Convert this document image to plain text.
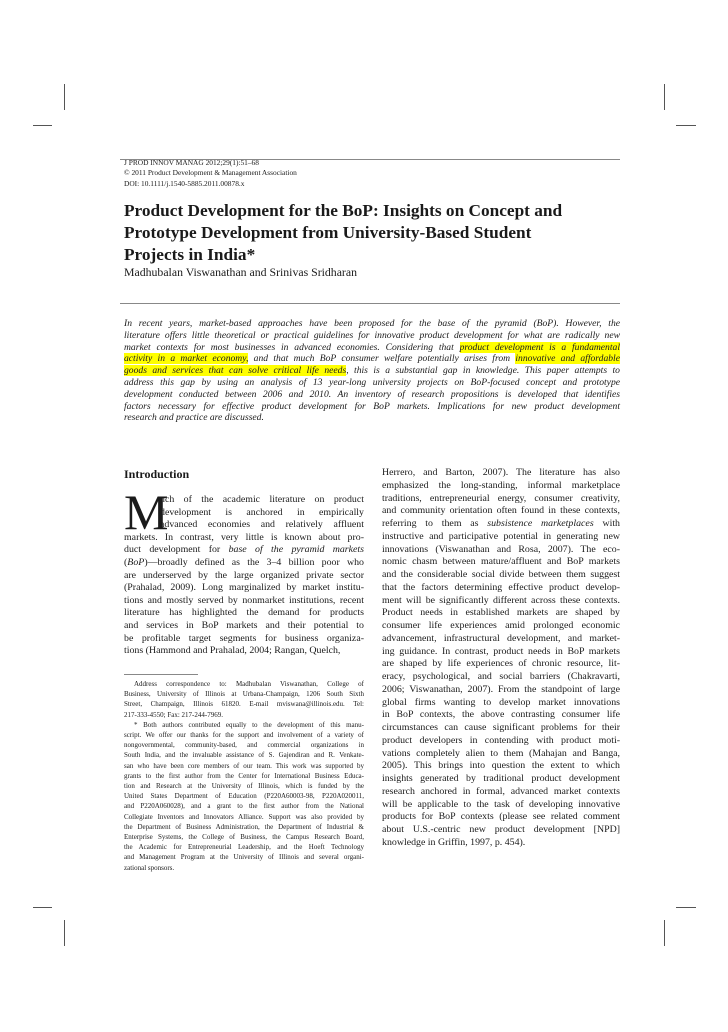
J PROD INNOV MANAG 2012;29(1):51–68
© 2011 Product Development & Management Association
DOI: 10.1111/j.1540-5885.2011.00878.x
Product Development for the BoP: Insights on Concept and
Prototype Development from University-Based Student
Projects in India*
Madhubalan Viswanathan and Srinivas Sridharan
In recent years, market-based approaches have been proposed for the base of the pyramid (BoP). However, the
literature offers little theoretical or practical guidelines for innovative product development for what are radically new
market contexts for most businesses in advanced economies. Considering that product development is a fundamental
activity in a market economy, and that much BoP consumer welfare potentially arises from innovative and affordable
goods and services that can solve critical life needs, this is a substantial gap in knowledge. This paper attempts to
address this gap by using an analysis of 13 year-long university projects on BoP-focused concept and prototype
development conducted between 2006 and 2010. An inventory of research propositions is developed that identifies
factors necessary for effective product development for BoP markets. Implications for new product development
research and practice are discussed.
Introduction
M
uch of the academic literature on product
development is anchored in empirically
advanced economies and relatively affluent
markets. In contrast, very little is known about pro-
duct development for base of the pyramid markets
(BoP)—broadly defined as the 3–4 billion poor who
are underserved by the large organized private sector
(Prahalad, 2009). Long marginalized by market institu-
tions and mostly served by nonmarket institutions, recent
literature has highlighted the demand for products
and services in BoP markets and their potential to
be profitable target segments for business organiza-
tions (Hammond and Prahalad, 2004; Rangan, Quelch,
Address correspondence to: Madhubalan Viswanathan, College of
Business, University of Illinois at Urbana-Champaign, 1206 South Sixth
Street, Champaign, Illinois 61820. E-mail mviswana@illinois.edu. Tel:
217-333-4550; Fax: 217-244-7969.
* Both authors contributed equally to the development of this manu-
script. We offer our thanks for the support and involvement of a variety of
nongovernmental, community-based, and commercial organizations in
South India, and the invaluable assistance of S. Gajendiran and R. Venkate-
san who have been core members of our team. This work was supported by
grants to the first author from the Center for International Business Educa-
tion and Research at the University of Illinois, which is funded by the
United States Department of Education (P220A60003-98, P220A020011,
and P220A060028), and a grant to the first author from the National
Collegiate Inventors and Innovators Alliance. Support was also provided by
the Department of Business Administration, the Department of Industrial &
Enterprise Systems, the College of Business, the Campus Research Board,
the Academic for Entrepreneurial Leadership, and the Hoeft Technology
and Management Program at the University of Illinois and several organi-
zational sponsors.
Herrero, and Barton, 2007). The literature has also
emphasized the long-standing, informal marketplace
traditions, entrepreneurial energy, consumer creativity,
and community orientation often found in these contexts,
referring to them as subsistence marketplaces with
instructive and participative potential in generating new
innovations (Viswanathan and Rosa, 2007). The eco-
nomic chasm between mature/affluent and BoP markets
and the considerable social divide between them suggest
that the factors determining effective product develop-
ment will be significantly different across these contexts.
Product needs in established markets are shaped by
consumer life experiences amid prolonged economic
advancement, infrastructural development, and market-
ing guidance. In contrast, product needs in BoP markets
are shaped by life experiences of chronic resource, lit-
eracy, psychological, and social barriers (Chakravarti,
2006; Viswanathan, 2007). From the standpoint of large
global firms wanting to develop market innovations
in BoP contexts, the above contrasting consumer life
circumstances can cause significant problems for their
product developers in contending with product moti-
vations completely alien to them (Mahajan and Banga,
2005). This brings into question the extent to which
insights generated by traditional product development
research anchored in formal, advanced market contexts
will be applicable to the task of developing innovative
products for BoP contexts (please see related comment
about U.S.-centric new product development [NPD]
knowledge in Griffin, 1997, p. 454).
